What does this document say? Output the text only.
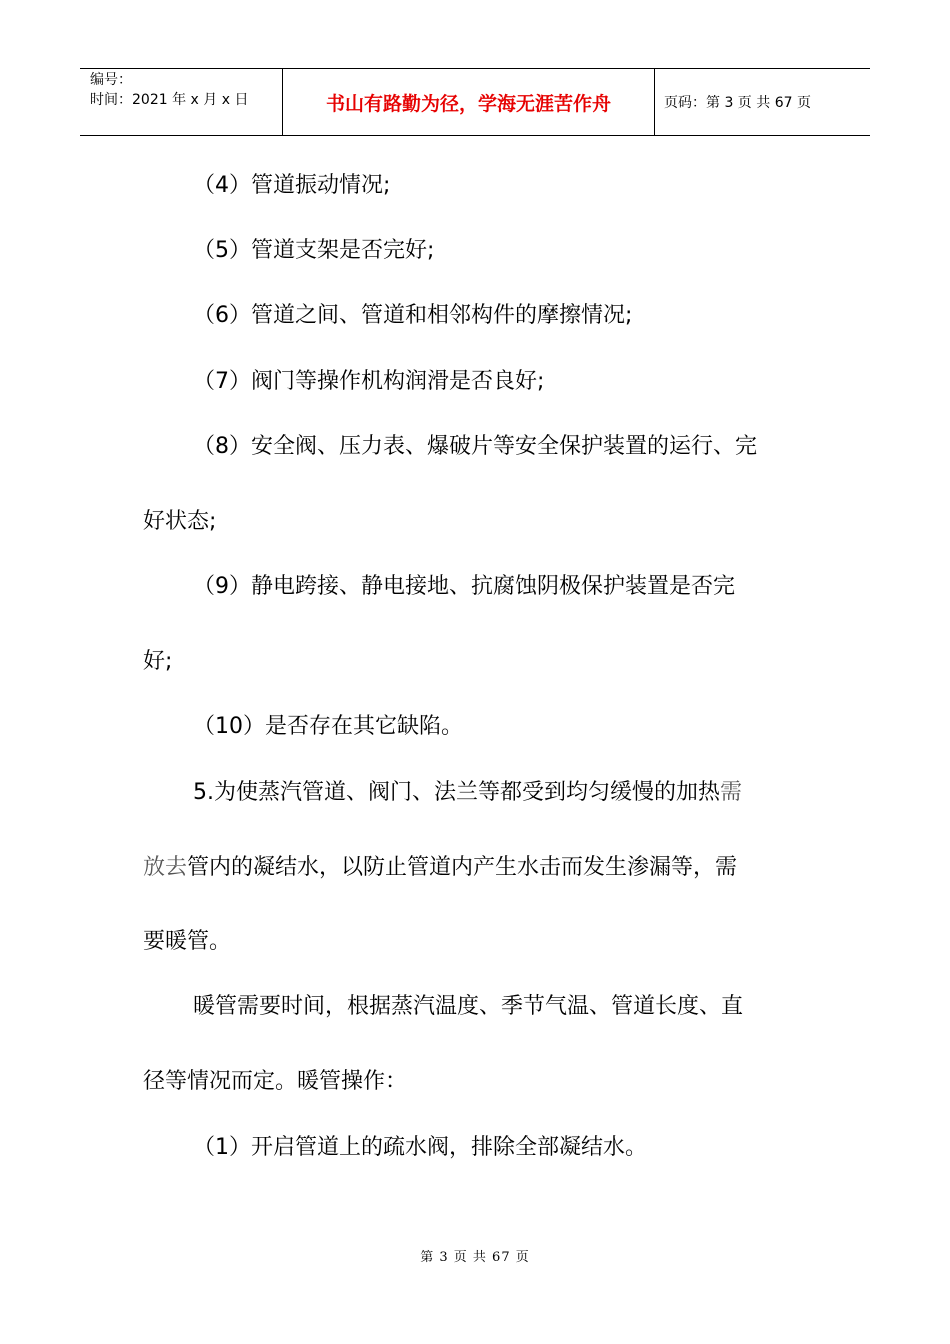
编号：
时间：2021 年 x 月 x 日	书山有路勤为径，学海无涯苦作舟	页码：第 3 页 共 67 页
（4）管道振动情况;
（5）管道支架是否完好;
（6）管道之间、管道和相邻构件的摩擦情况;
（7）阀门等操作机构润滑是否良好;
（8）安全阀、压力表、爆破片等安全保护装置的运行、完
好状态;
（9）静电跨接、静电接地、抗腐蚀阴极保护装置是否完
好;
（10）是否存在其它缺陷。
5.为使蒸汽管道、阀门、法兰等都受到均匀缓慢的加热需
放去管内的凝结水，以防止管道内产生水击而发生渗漏等，需
要暖管。
暖管需要时间，根据蒸汽温度、季节气温、管道长度、直
径等情况而定。暖管操作：
（1）开启管道上的疏水阀，排除全部凝结水。
第 3 页 共 67 页
